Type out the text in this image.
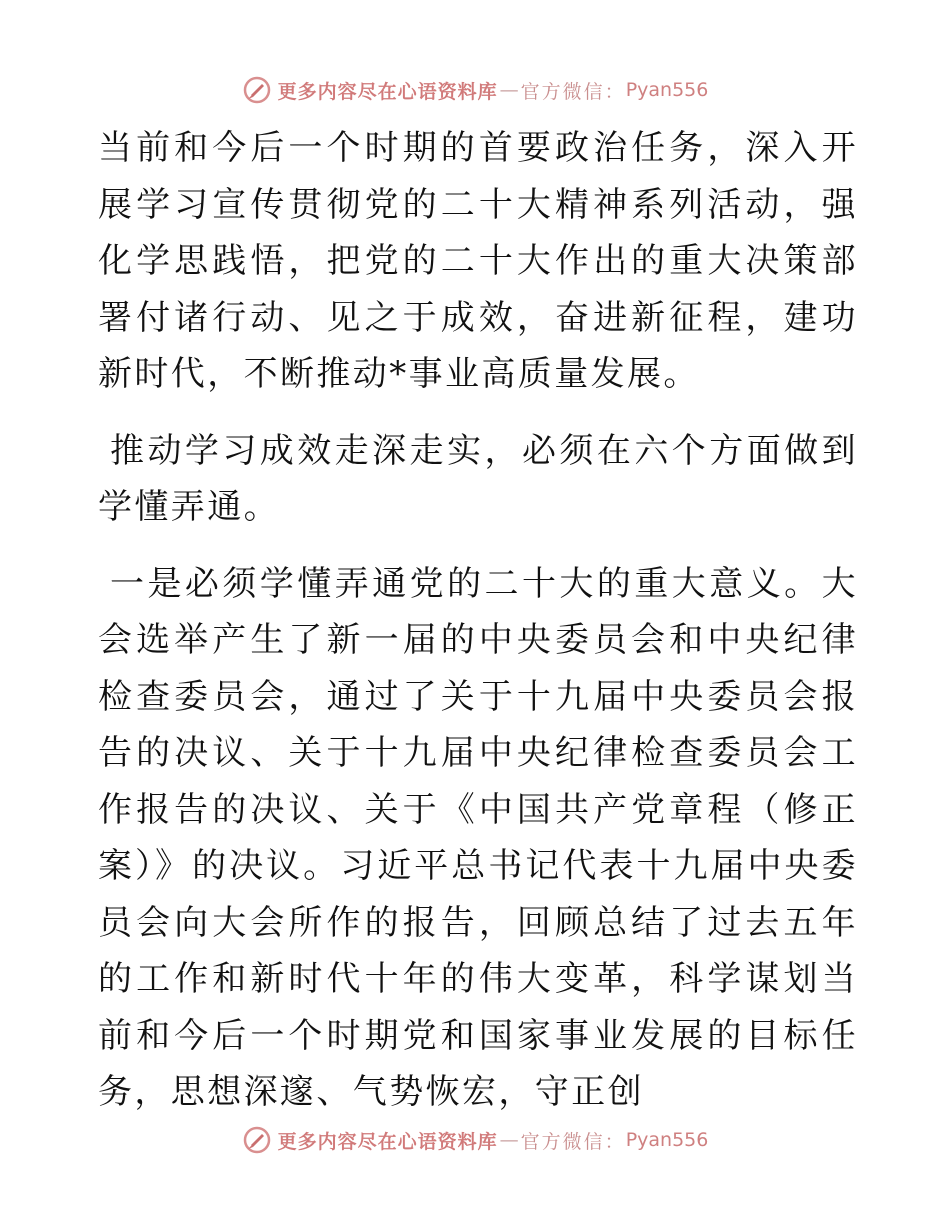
更多内容尽在心语资料库 — 官方微信： Pyan556

当前和今后一个时期的首要政治任务，深入开展学习宣传贯彻党的二十大精神系列活动，强化学思践悟，把党的二十大作出的重大决策部署付诸行动、见之于成效，奋进新征程，建功新时代，不断推动*事业高质量发展。

推动学习成效走深走实，必须在六个方面做到学懂弄通。

一是必须学懂弄通党的二十大的重大意义。大会选举产生了新一届的中央委员会和中央纪律检查委员会，通过了关于十九届中央委员会报告的决议、关于十九届中央纪律检查委员会工作报告的决议、关于《中国共产党章程（修正案）》的决议。习近平总书记代表十九届中央委员会向大会所作的报告，回顾总结了过去五年的工作和新时代十年的伟大变革，科学谋划当前和今后一个时期党和国家事业发展的目标任务，思想深邃、气势恢宏，守正创

更多内容尽在心语资料库 — 官方微信： Pyan556
